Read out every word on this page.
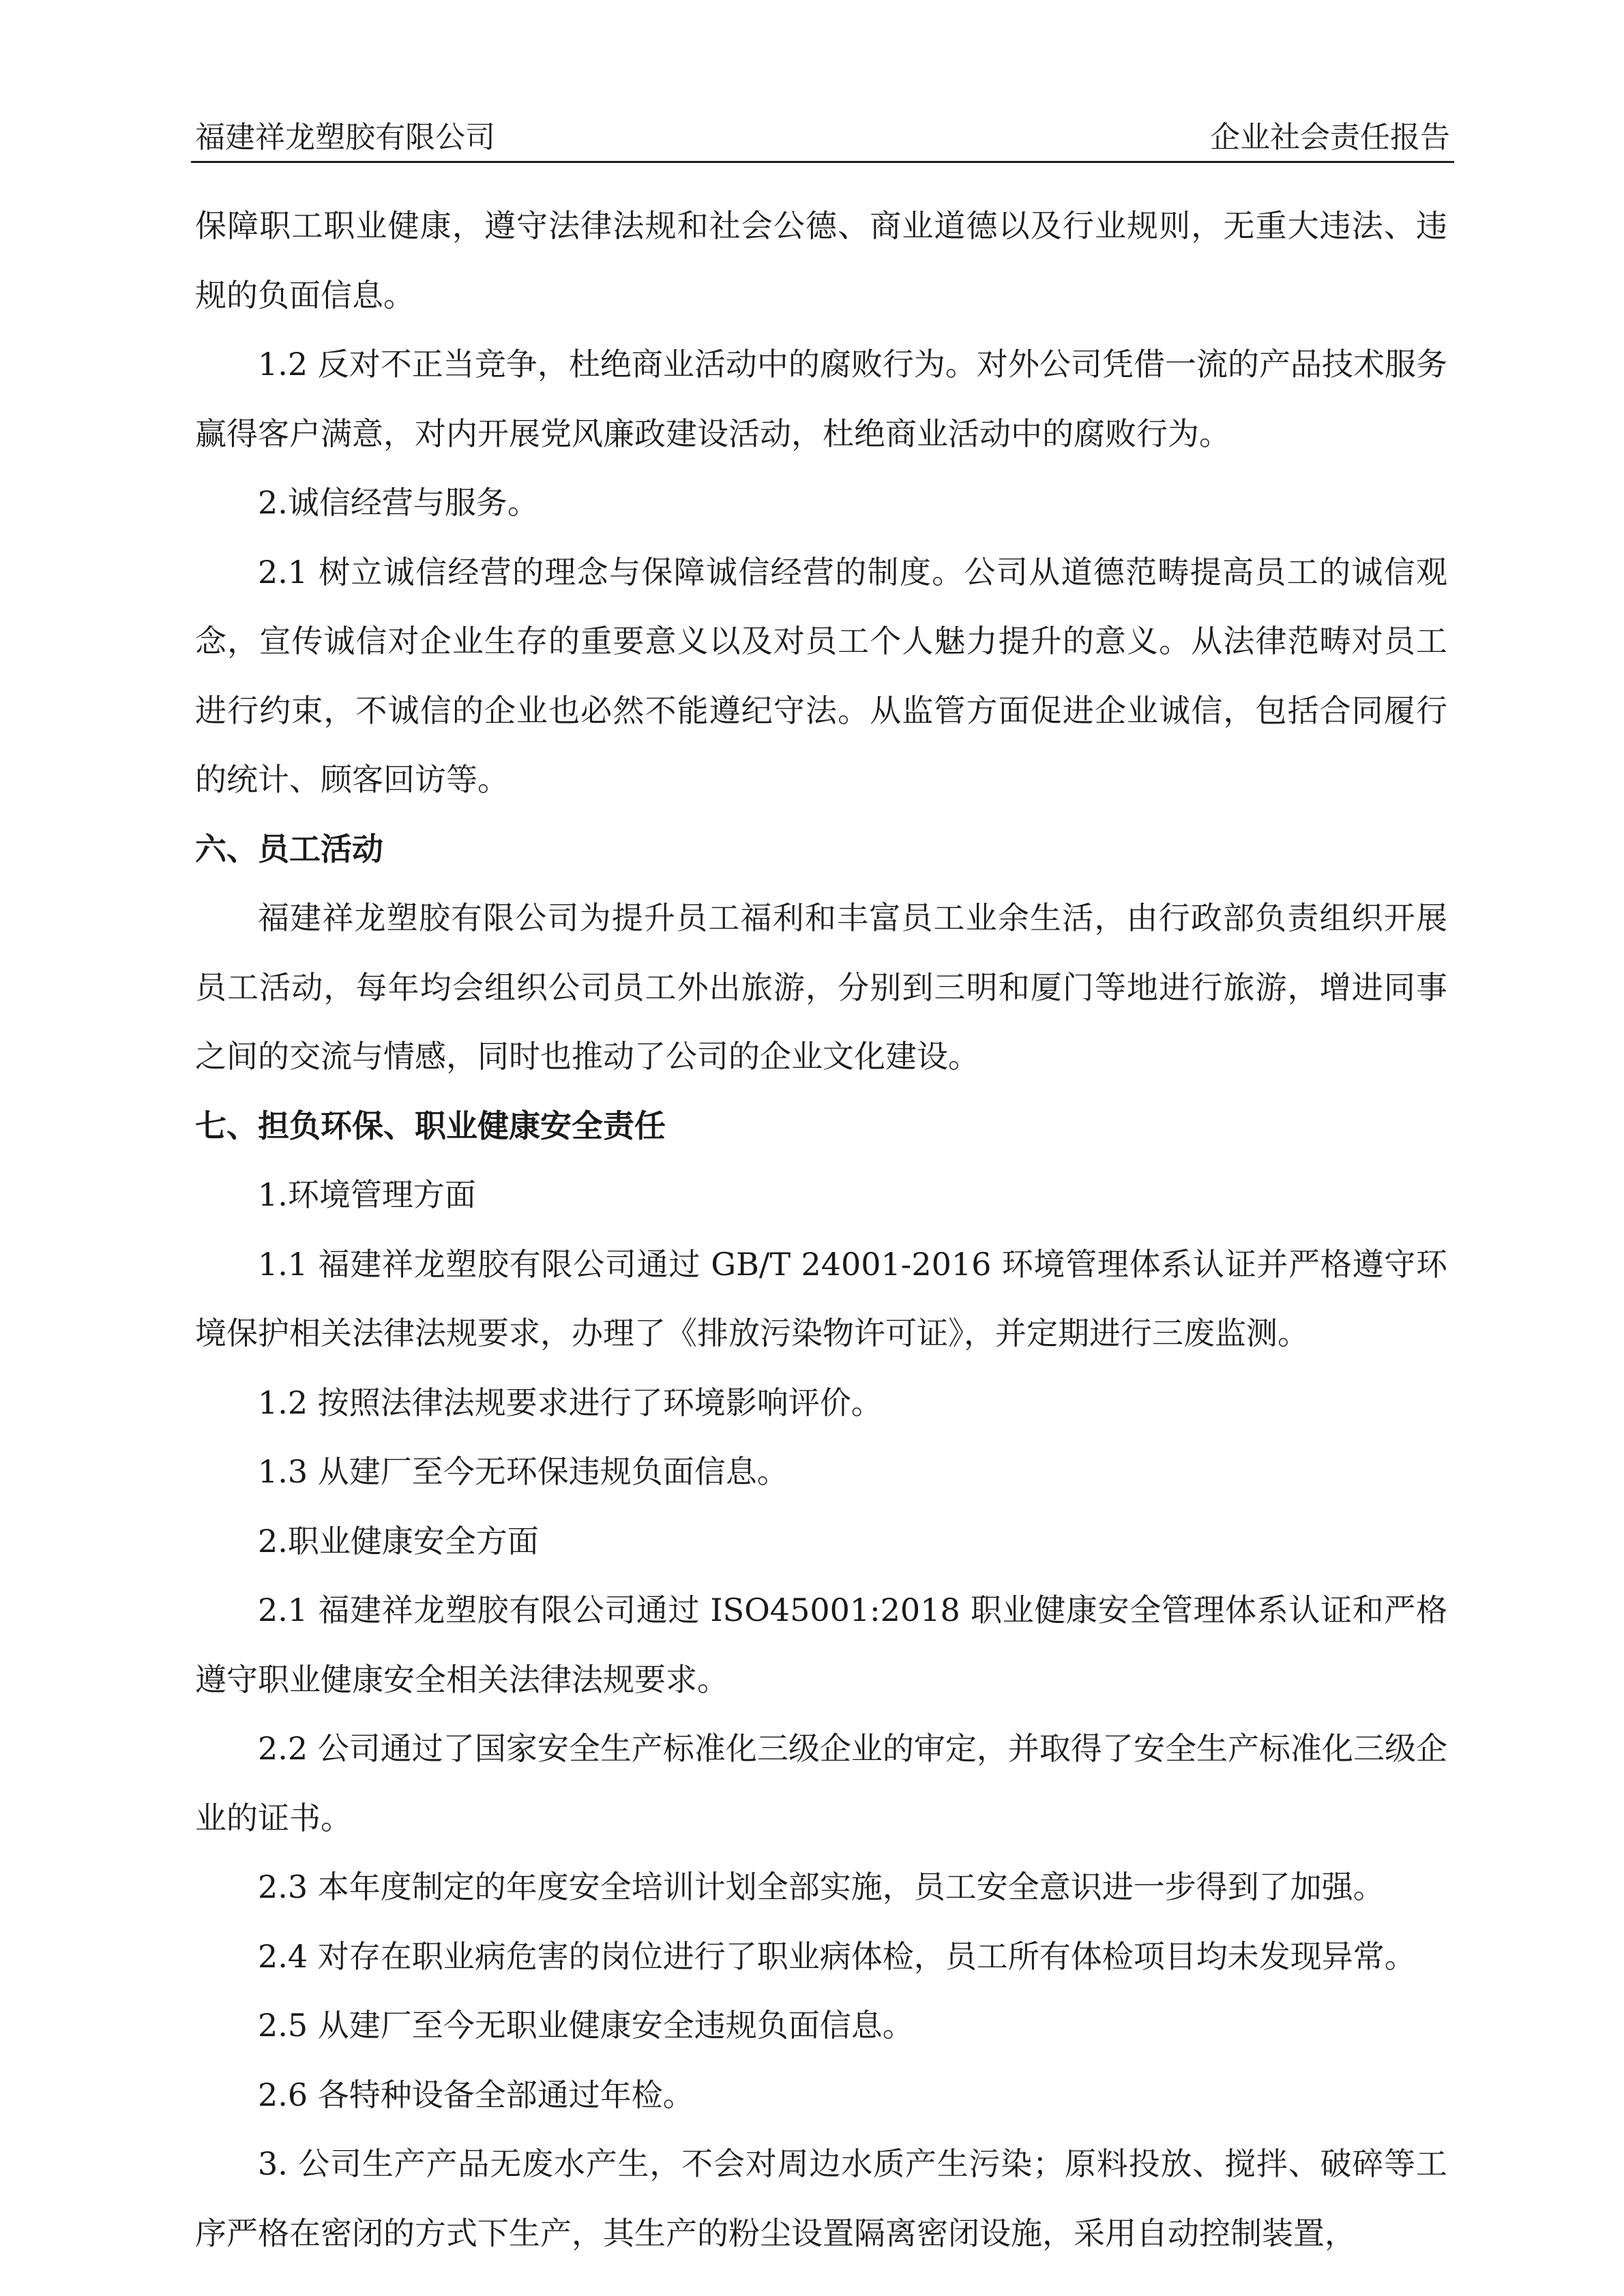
福建祥龙塑胶有限公司	企业社会责任报告

保障职工职业健康，遵守法律法规和社会公德、商业道德以及行业规则，无重大违法、违规的负面信息。

1.2 反对不正当竞争，杜绝商业活动中的腐败行为。对外公司凭借一流的产品技术服务赢得客户满意，对内开展党风廉政建设活动，杜绝商业活动中的腐败行为。

2.诚信经营与服务。

2.1 树立诚信经营的理念与保障诚信经营的制度。公司从道德范畴提高员工的诚信观念，宣传诚信对企业生存的重要意义以及对员工个人魅力提升的意义。从法律范畴对员工进行约束，不诚信的企业也必然不能遵纪守法。从监管方面促进企业诚信，包括合同履行的统计、顾客回访等。

六、员工活动

福建祥龙塑胶有限公司为提升员工福利和丰富员工业余生活，由行政部负责组织开展员工活动，每年均会组织公司员工外出旅游，分别到三明和厦门等地进行旅游，增进同事之间的交流与情感，同时也推动了公司的企业文化建设。

七、担负环保、职业健康安全责任

1.环境管理方面

1.1 福建祥龙塑胶有限公司通过 GB/T 24001-2016 环境管理体系认证并严格遵守环境保护相关法律法规要求，办理了《排放污染物许可证》，并定期进行三废监测。

1.2 按照法律法规要求进行了环境影响评价。

1.3 从建厂至今无环保违规负面信息。

2.职业健康安全方面

2.1 福建祥龙塑胶有限公司通过 ISO45001:2018 职业健康安全管理体系认证和严格遵守职业健康安全相关法律法规要求。

2.2 公司通过了国家安全生产标准化三级企业的审定，并取得了安全生产标准化三级企业的证书。

2.3 本年度制定的年度安全培训计划全部实施，员工安全意识进一步得到了加强。

2.4 对存在职业病危害的岗位进行了职业病体检，员工所有体检项目均未发现异常。

2.5 从建厂至今无职业健康安全违规负面信息。

2.6 各特种设备全部通过年检。

3. 公司生产产品无废水产生，不会对周边水质产生污染；原料投放、搅拌、破碎等工序严格在密闭的方式下生产，其生产的粉尘设置隔离密闭设施，采用自动控制装置，
